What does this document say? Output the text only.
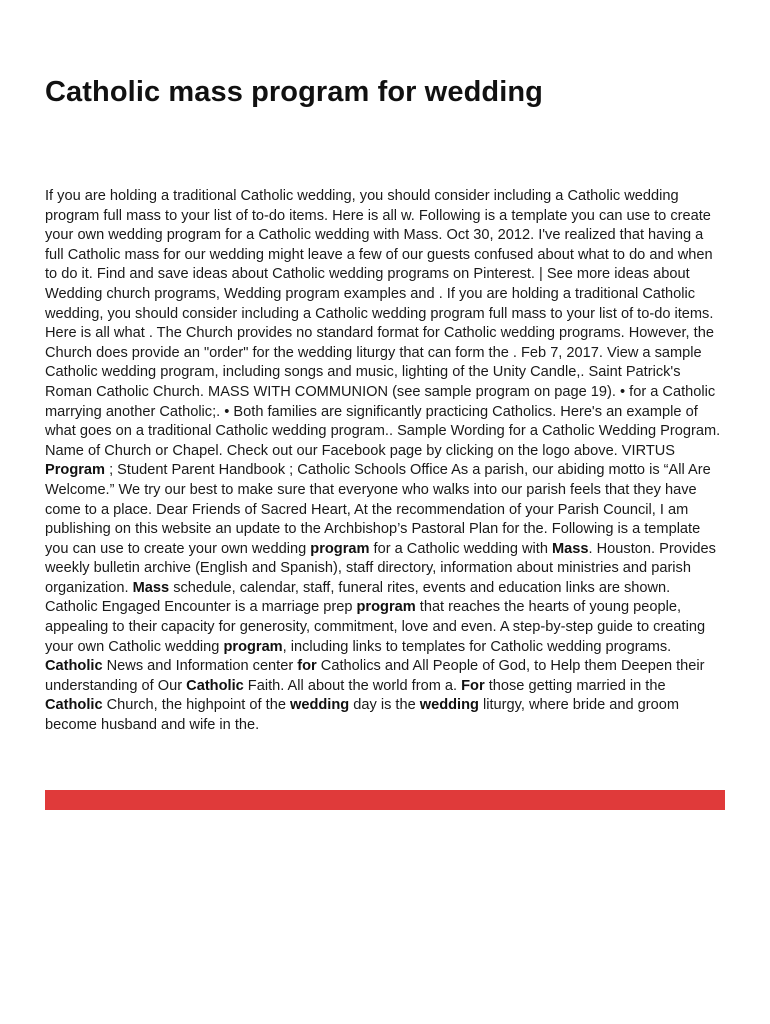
Catholic mass program for wedding

If you are holding a traditional Catholic wedding, you should consider including a Catholic wedding program full mass to your list of to-do items. Here is all w. Following is a template you can use to create your own wedding program for a Catholic wedding with Mass. Oct 30, 2012. I've realized that having a full Catholic mass for our wedding might leave a few of our guests confused about what to do and when to do it. Find and save ideas about Catholic wedding programs on Pinterest. | See more ideas about Wedding church programs, Wedding program examples and . If you are holding a traditional Catholic wedding, you should consider including a Catholic wedding program full mass to your list of to-do items. Here is all what . The Church provides no standard format for Catholic wedding programs. However, the Church does provide an "order" for the wedding liturgy that can form the . Feb 7, 2017. View a sample Catholic wedding program, including songs and music, lighting of the Unity Candle,. Saint Patrick's Roman Catholic Church. MASS WITH COMMUNION (see sample program on page 19). • for a Catholic marrying another Catholic;. • Both families are significantly practicing Catholics. Here's an example of what goes on a traditional Catholic wedding program.. Sample Wording for a Catholic Wedding Program. Name of Church or Chapel. Check out our Facebook page by clicking on the logo above. VIRTUS Program ; Student Parent Handbook ; Catholic Schools Office As a parish, our abiding motto is “All Are Welcome.” We try our best to make sure that everyone who walks into our parish feels that they have come to a place. Dear Friends of Sacred Heart, At the recommendation of your Parish Council, I am publishing on this website an update to the Archbishop’s Pastoral Plan for the. Following is a template you can use to create your own wedding program for a Catholic wedding with Mass. Houston. Provides weekly bulletin archive (English and Spanish), staff directory, information about ministries and parish organization. Mass schedule, calendar, staff, funeral rites, events and education links are shown. Catholic Engaged Encounter is a marriage prep program that reaches the hearts of young people, appealing to their capacity for generosity, commitment, love and even. A step-by-step guide to creating your own Catholic wedding program, including links to templates for Catholic wedding programs. Catholic News and Information center for Catholics and All People of God, to Help them Deepen their understanding of Our Catholic Faith. All about the world from a. For those getting married in the Catholic Church, the highpoint of the wedding day is the wedding liturgy, where bride and groom become husband and wife in the.
